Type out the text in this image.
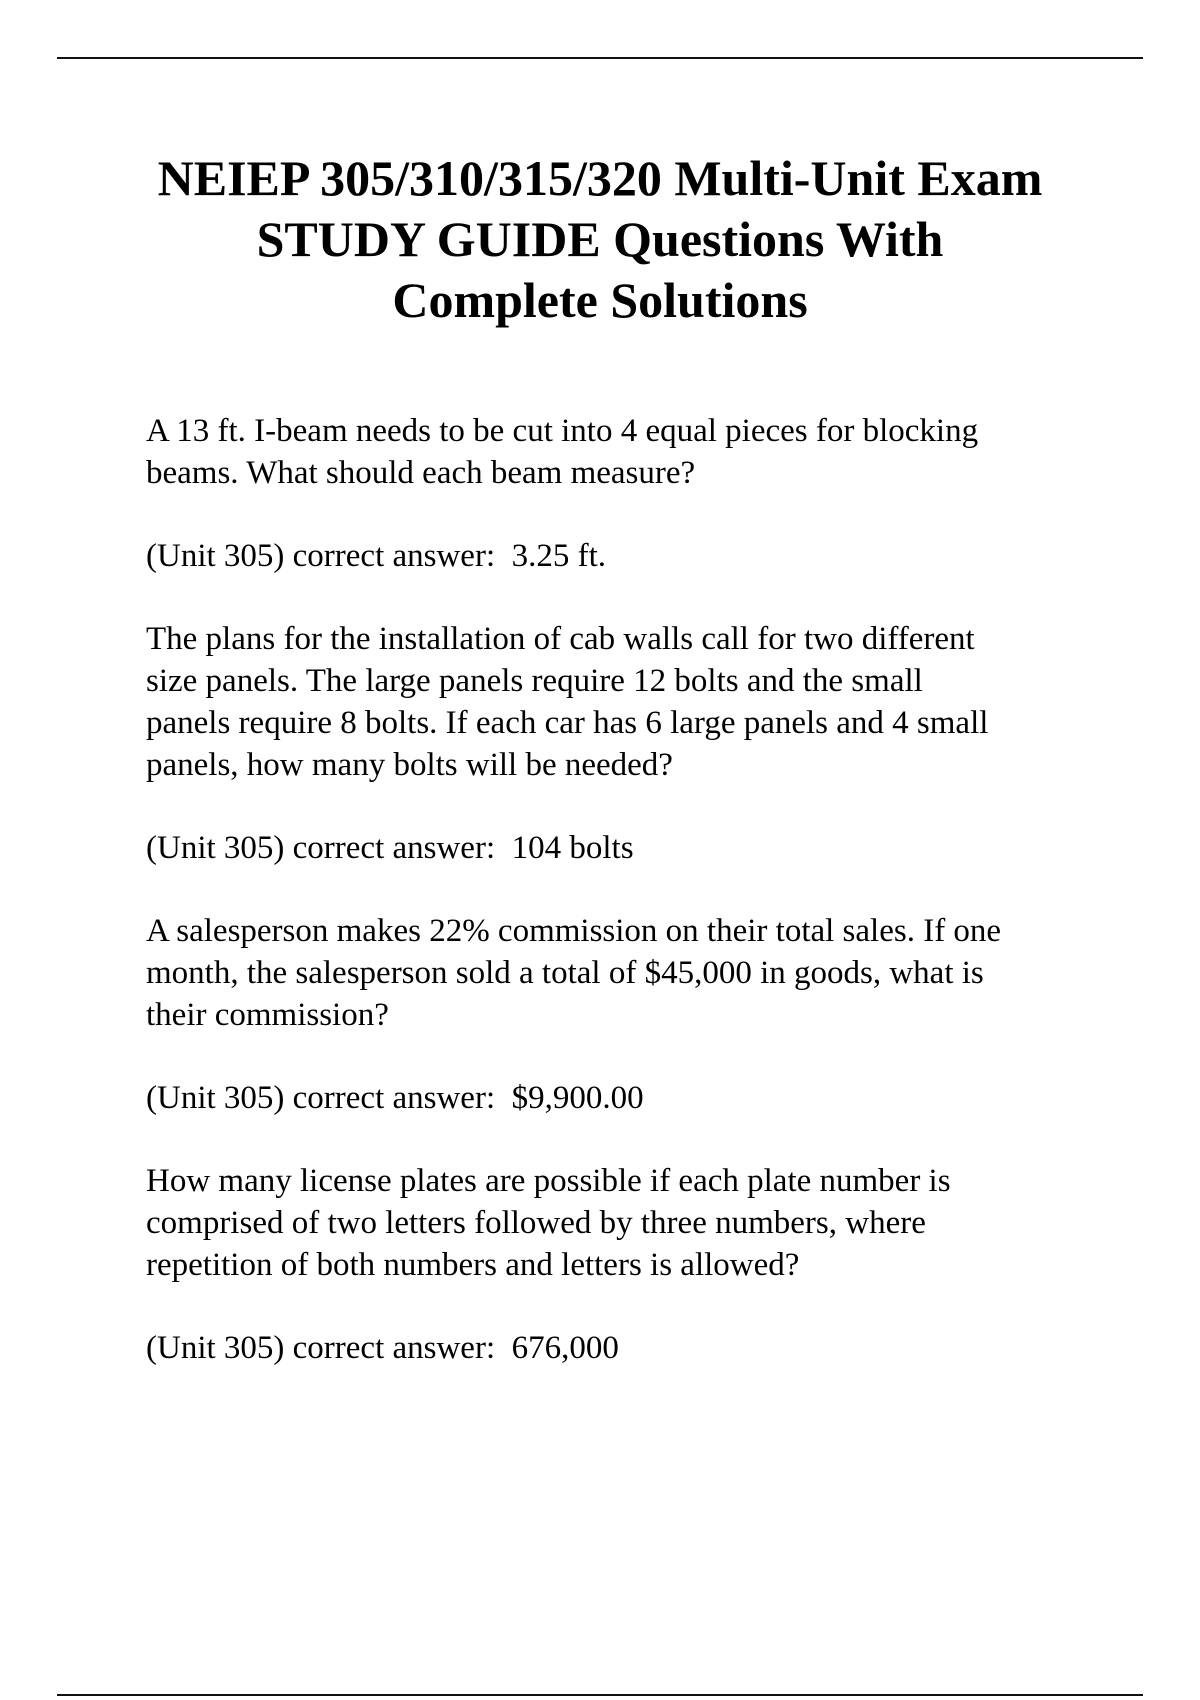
NEIEP 305/310/315/320 Multi-Unit Exam
STUDY GUIDE Questions With
Complete Solutions
A 13 ft. I-beam needs to be cut into 4 equal pieces for blocking
beams. What should each beam measure?
(Unit 305) correct answer:  3.25 ft.
The plans for the installation of cab walls call for two different
size panels. The large panels require 12 bolts and the small
panels require 8 bolts. If each car has 6 large panels and 4 small
panels, how many bolts will be needed?
(Unit 305) correct answer:  104 bolts
A salesperson makes 22% commission on their total sales. If one
month, the salesperson sold a total of $45,000 in goods, what is
their commission?
(Unit 305) correct answer:  $9,900.00
How many license plates are possible if each plate number is
comprised of two letters followed by three numbers, where
repetition of both numbers and letters is allowed?
(Unit 305) correct answer:  676,000
